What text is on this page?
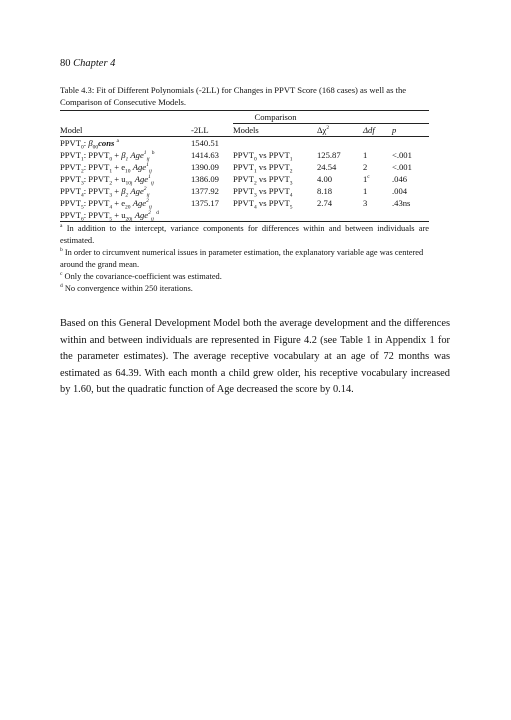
80 Chapter 4
Table 4.3: Fit of Different Polynomials (-2LL) for Changes in PPVT Score (168 cases) as well as the Comparison of Consecutive Models.
		Comparison			
Model	-2LL	Models	$\Delta\chi^2$	Δdf	p
$PPVT_0$: $\beta_{00}cons$ $^a$	1540.51				
$PPVT_1$: $PPVT_0 + \beta_1$ Age$^1_{ij}$ $^b$	1414.63	$PPVT_0$ vs $PPVT_1$	125.87	1	<.001
$PPVT_2$: $PPVT_1 + e_{10}$ Age$^1_{ij}$	1390.09	$PPVT_1$ vs $PPVT_2$	24.54	2	<.001
$PPVT_3$: $PPVT_2 + u_{10j}$ Age$^1_{ij}$	1386.09	$PPVT_2$ vs $PPVT_3$	4.00	1$^c$	.046
$PPVT_4$: $PPVT_3 + \beta_2$ Age$^2_{ij}$	1377.92	$PPVT_3$ vs $PPVT_4$	8.18	1	.004
$PPVT_5$: $PPVT_4 + e_{20}$ Age$^2_{ij}$	1375.17	$PPVT_4$ vs $PPVT_5$	2.74	3	.43ns
$PPVT_6$: $PPVT_5 + u_{20j}$ Age$^2_{ij}$ $^d$					

$^a$ In addition to the intercept, variance components for differences within and between individuals are estimated.

$^b$ In order to circumvent numerical issues in parameter estimation, the explanatory variable age was centered around the grand mean.

$^c$ Only the covariance-coefficient was estimated.

$^d$ No convergence within 250 iterations.

Based on this General Development Model both the average development and the differences within and between individuals are represented in Figure 4.2 (see Table 1 in Appendix 1 for the parameter estimates). The average receptive vocabulary at an age of 72 months was estimated as 64.39. With each month a child grew older, his receptive vocabulary increased by 1.60, but the quadratic function of Age decreased the score by 0.14.
